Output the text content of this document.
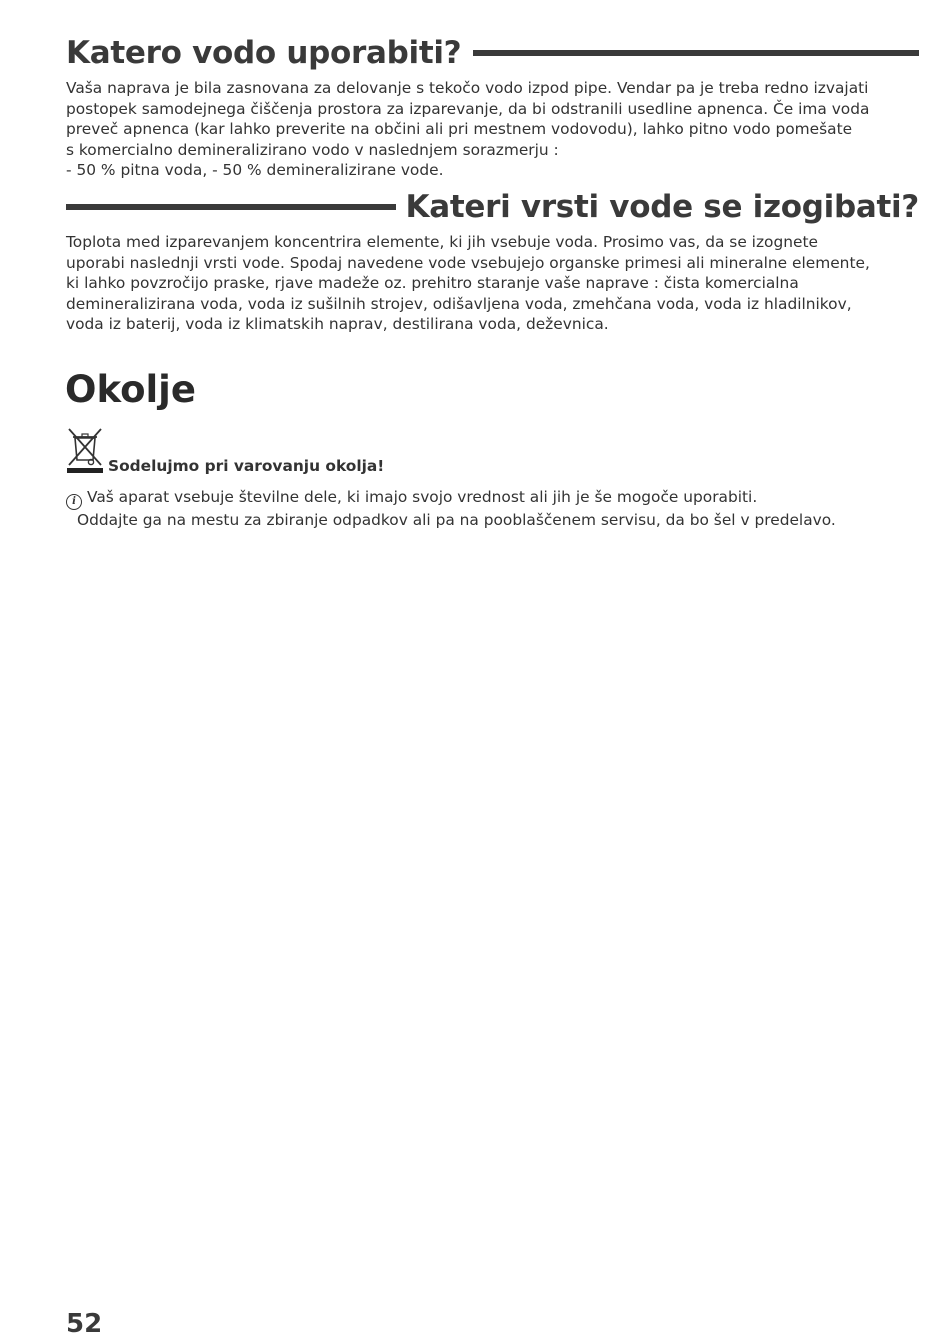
Katero vodo uporabiti?

Vaša naprava je bila zasnovana za delovanje s tekočo vodo izpod pipe. Vendar pa je treba redno izvajati
postopek samodejnega čiščenja prostora za izparevanje, da bi odstranili usedline apnenca. Če ima voda
preveč apnenca (kar lahko preverite na občini ali pri mestnem vodovodu), lahko pitno vodo pomešate
s komercialno demineralizirano vodo v naslednjem sorazmerju :
- 50 % pitna voda, - 50 % demineralizirane vode.

Kateri vrsti vode se izogibati?

Toplota med izparevanjem koncentrira elemente, ki jih vsebuje voda. Prosimo vas, da se izognete
uporabi naslednji vrsti vode. Spodaj navedene vode vsebujejo organske primesi ali mineralne elemente,
ki lahko povzročijo praske, rjave madeže oz. prehitro staranje vaše naprave : čista komercialna
demineralizirana voda, voda iz sušilnih strojev, odišavljena voda, zmehčana voda, voda iz hladilnikov,
voda iz baterij, voda iz klimatskih naprav, destilirana voda, deževnica.

Okolje
Sodelujmo pri varovanju okolja!
i Vaš aparat vsebuje številne dele, ki imajo svojo vrednost ali jih je še mogoče uporabiti.
Oddajte ga na mestu za zbiranje odpadkov ali pa na pooblaščenem servisu, da bo šel v predelavo.
52
